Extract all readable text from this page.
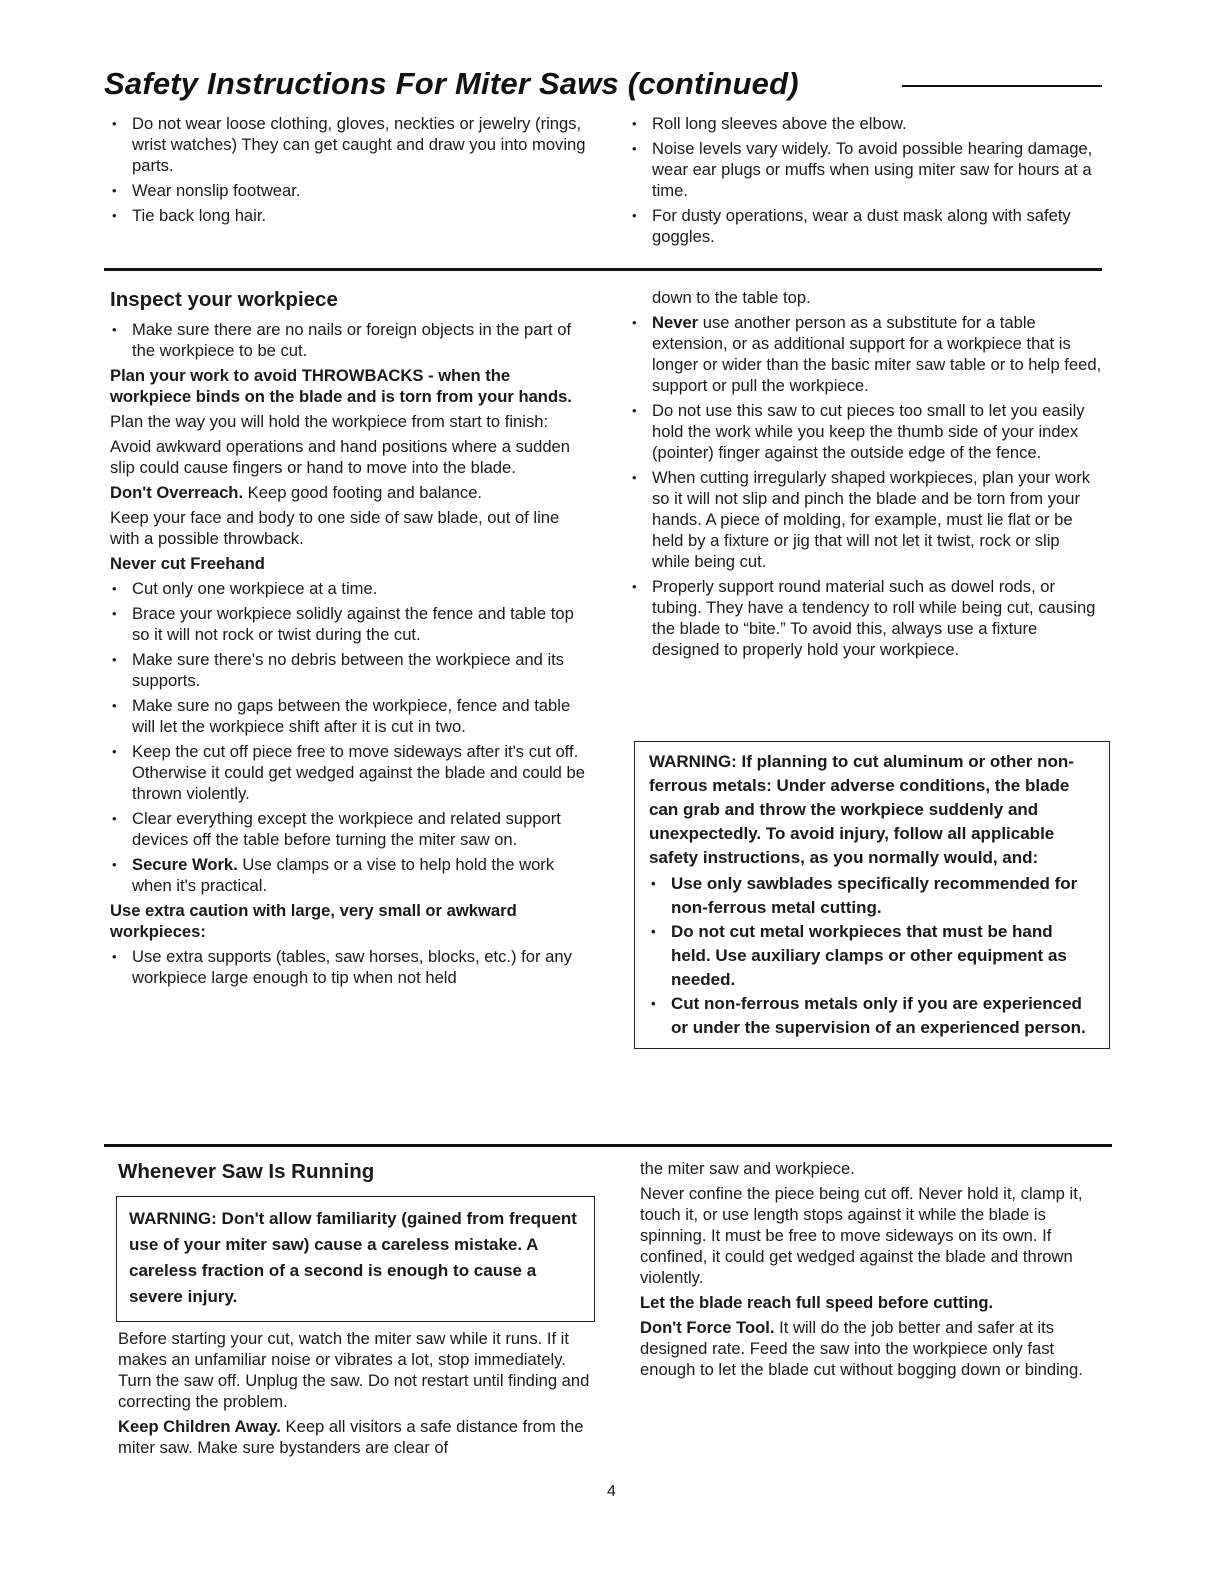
Safety Instructions For Miter Saws (continued)
• Do not wear loose clothing, gloves, neckties or jewelry (rings, wrist watches) They can get caught and draw you into moving parts.
• Wear nonslip footwear.
• Tie back long hair.
• Roll long sleeves above the elbow.
• Noise levels vary widely. To avoid possible hearing damage, wear ear plugs or muffs when using miter saw for hours at a time.
• For dusty operations, wear a dust mask along with safety goggles.
Inspect your workpiece
• Make sure there are no nails or foreign objects in the part of the workpiece to be cut.

Plan your work to avoid THROWBACKS - when the workpiece binds on the blade and is torn from your hands.

Plan the way you will hold the workpiece from start to finish:

Avoid awkward operations and hand positions where a sudden slip could cause fingers or hand to move into the blade.

Don't Overreach. Keep good footing and balance.

Keep your face and body to one side of saw blade, out of line with a possible throwback.

Never cut Freehand

• Cut only one workpiece at a time.
• Brace your workpiece solidly against the fence and table top so it will not rock or twist during the cut.
• Make sure there's no debris between the workpiece and its supports.
• Make sure no gaps between the workpiece, fence and table will let the workpiece shift after it is cut in two.
• Keep the cut off piece free to move sideways after it's cut off. Otherwise it could get wedged against the blade and could be thrown violently.
• Clear everything except the workpiece and related support devices off the table before turning the miter saw on.
• Secure Work. Use clamps or a vise to help hold the work when it's practical.

Use extra caution with large, very small or awkward workpieces:

• Use extra supports (tables, saw horses, blocks, etc.) for any workpiece large enough to tip when not held

down to the table top.

• Never use another person as a substitute for a table extension, or as additional support for a workpiece that is longer or wider than the basic miter saw table or to help feed, support or pull the workpiece.
• Do not use this saw to cut pieces too small to let you easily hold the work while you keep the thumb side of your index (pointer) finger against the outside edge of the fence.
• When cutting irregularly shaped workpieces, plan your work so it will not slip and pinch the blade and be torn from your hands. A piece of molding, for example, must lie flat or be held by a fixture or jig that will not let it twist, rock or slip while being cut.
• Properly support round material such as dowel rods, or tubing. They have a tendency to roll while being cut, causing the blade to “bite.” To avoid this, always use a fixture designed to properly hold your workpiece.

WARNING: If planning to cut aluminum or other non-ferrous metals: Under adverse conditions, the blade can grab and throw the workpiece suddenly and unexpectedly. To avoid injury, follow all applicable safety instructions, as you normally would, and:

• Use only sawblades specifically recommended for non-ferrous metal cutting.
• Do not cut metal workpieces that must be hand held. Use auxiliary clamps or other equipment as needed.
• Cut non-ferrous metals only if you are experienced or under the supervision of an experienced person.
Whenever Saw Is Running

WARNING: Don't allow familiarity (gained from frequent use of your miter saw) cause a careless mistake. A careless fraction of a second is enough to cause a severe injury.

Before starting your cut, watch the miter saw while it runs. If it makes an unfamiliar noise or vibrates a lot, stop immediately. Turn the saw off. Unplug the saw. Do not restart until finding and correcting the problem.

Keep Children Away. Keep all visitors a safe distance from the miter saw. Make sure bystanders are clear of

the miter saw and workpiece.

Never confine the piece being cut off. Never hold it, clamp it, touch it, or use length stops against it while the blade is spinning. It must be free to move sideways on its own. If confined, it could get wedged against the blade and thrown violently.

Let the blade reach full speed before cutting.

Don't Force Tool. It will do the job better and safer at its designed rate. Feed the saw into the workpiece only fast enough to let the blade cut without bogging down or binding.

4
